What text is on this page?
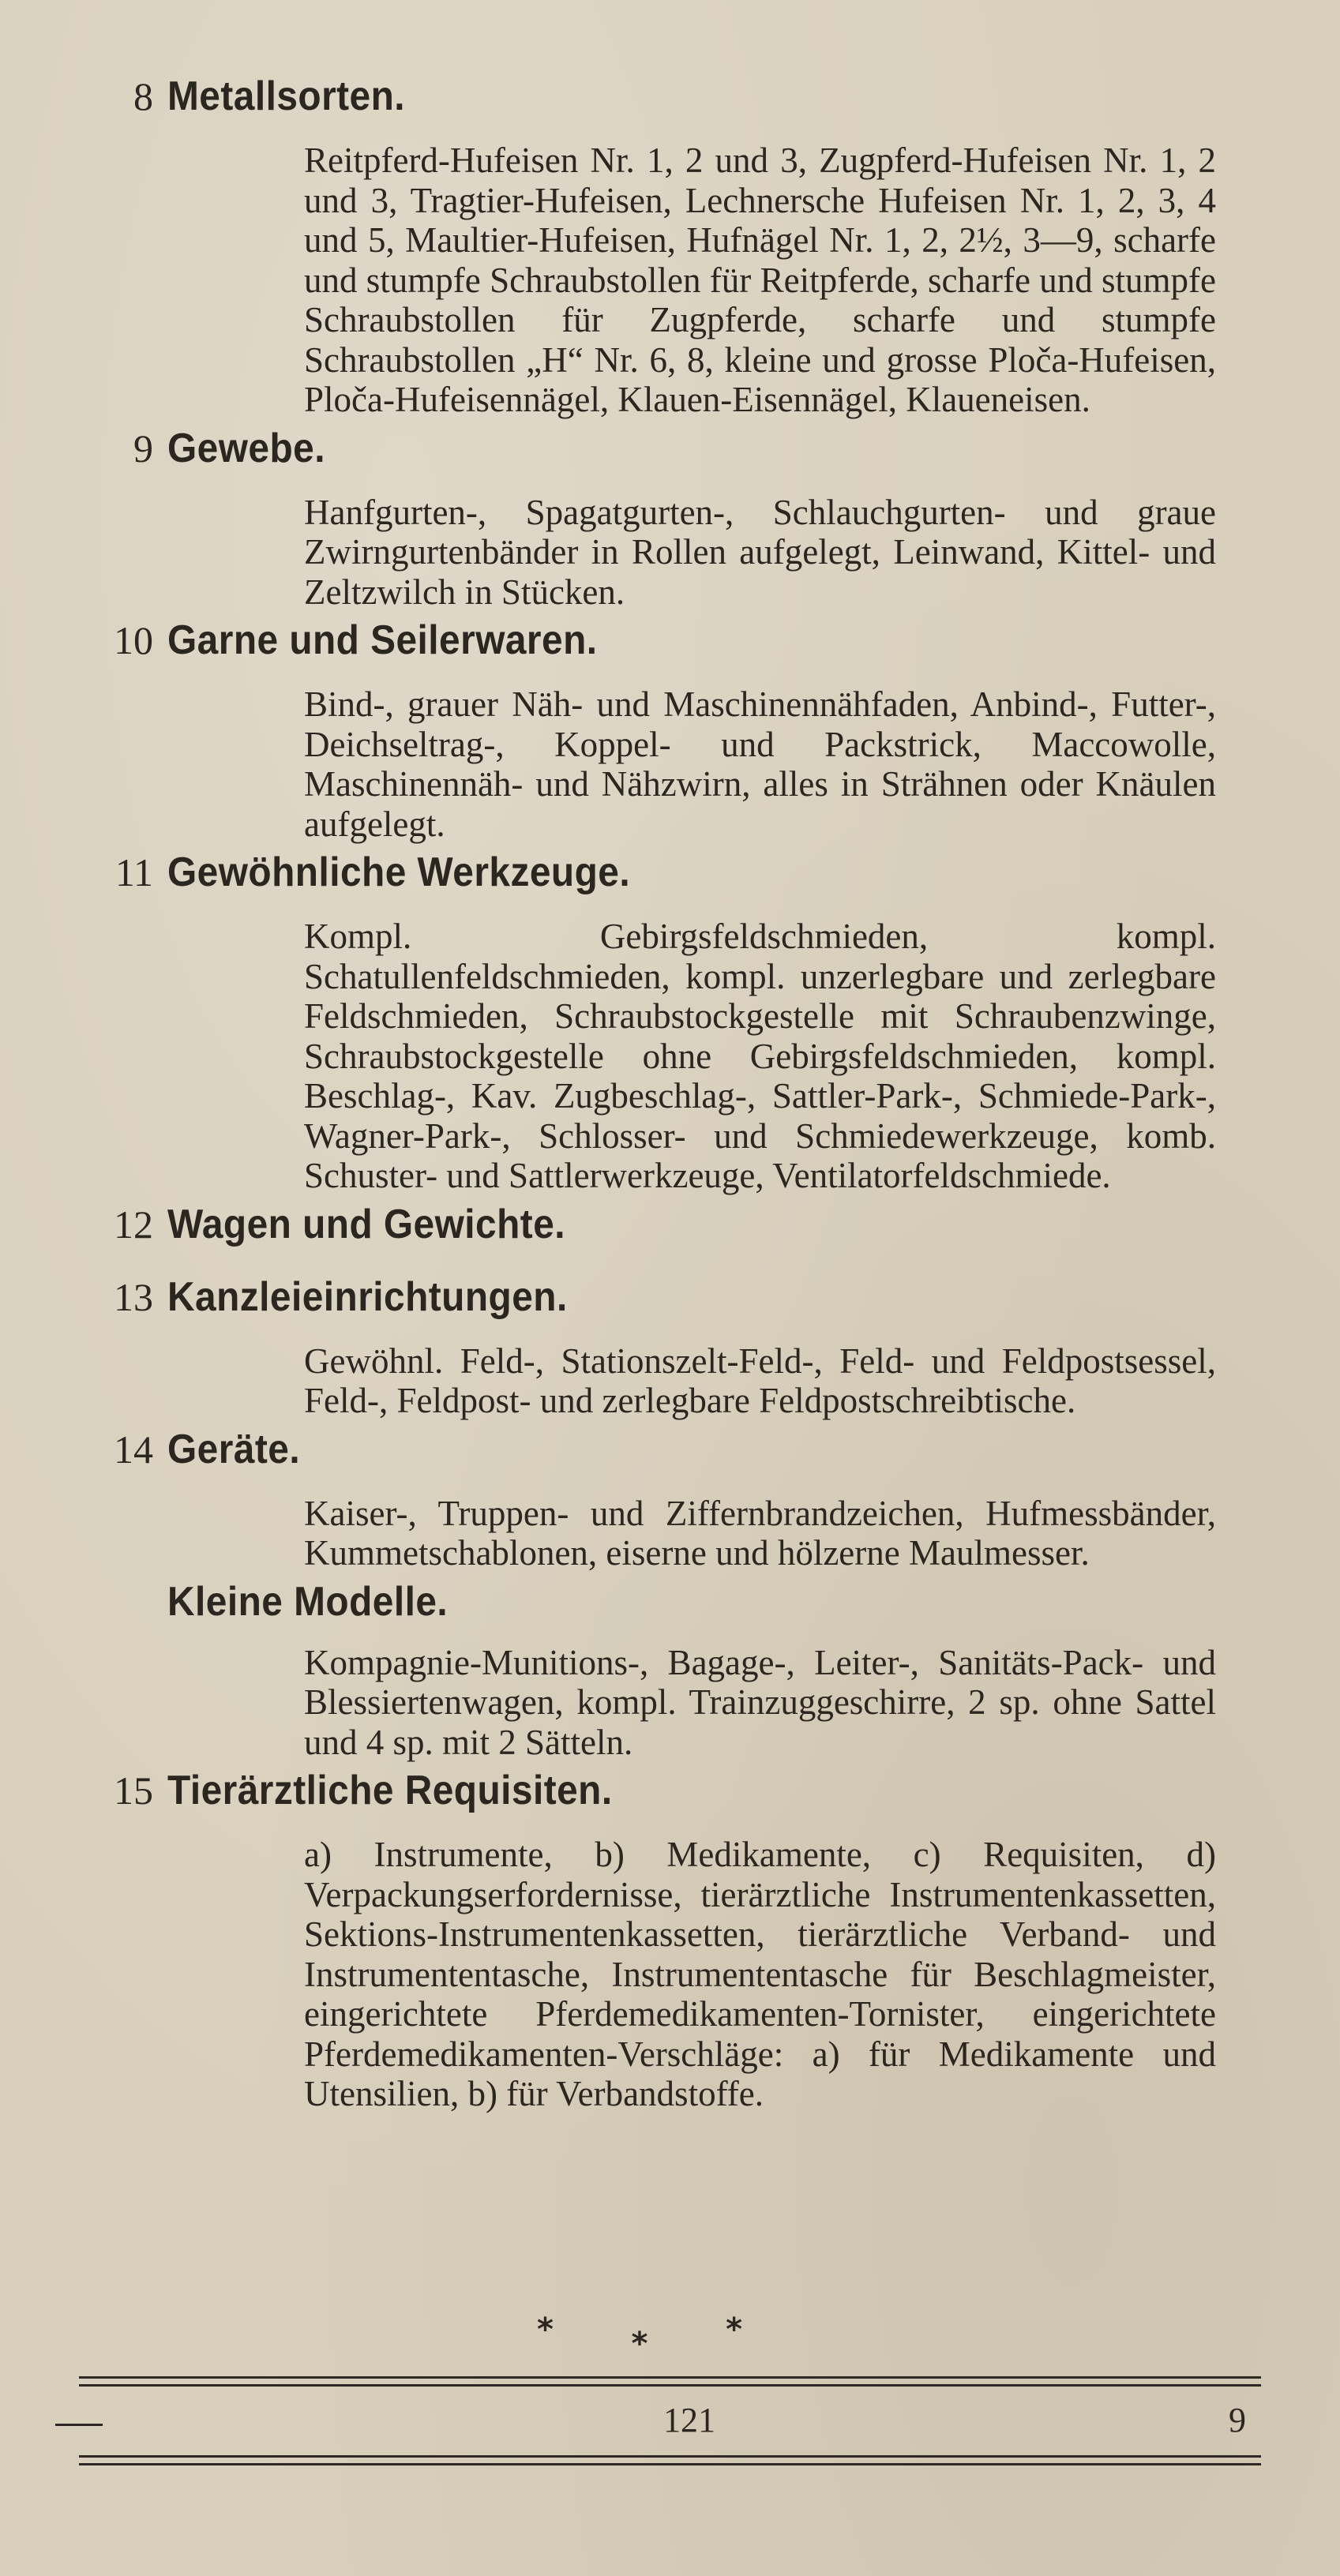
8 Metallsorten.
Reitpferd-Hufeisen Nr. 1, 2 und 3, Zugpferd-Hufeisen Nr. 1, 2 und 3, Tragtier-Hufeisen, Lechnersche Hufeisen Nr. 1, 2, 3, 4 und 5, Maultier-Hufeisen, Hufnägel Nr. 1, 2, 2½, 3—9, scharfe und stumpfe Schraubstollen für Reitpferde, scharfe und stumpfe Schraubstollen für Zugpferde, scharfe und stumpfe Schraubstollen „H“ Nr. 6, 8, kleine und grosse Ploča-Hufeisen, Ploča-Hufeisennägel, Klauen-Eisennägel, Klaueneisen.
9 Gewebe.
Hanfgurten-, Spagatgurten-, Schlauchgurten- und graue Zwirngurtenbänder in Rollen aufgelegt, Leinwand, Kittel- und Zeltzwilch in Stücken.
10 Garne und Seilerwaren.
Bind-, grauer Näh- und Maschinennähfaden, Anbind-, Futter-, Deichseltrag-, Koppel- und Packstrick, Maccowolle, Maschinennäh- und Nähzwirn, alles in Strähnen oder Knäulen aufgelegt.
11 Gewöhnliche Werkzeuge.
Kompl. Gebirgsfeldschmieden, kompl. Schatullenfeldschmieden, kompl. unzerlegbare und zerlegbare Feldschmieden, Schraubstockgestelle mit Schraubenzwinge, Schraubstockgestelle ohne Gebirgsfeldschmieden, kompl. Beschlag-, Kav. Zugbeschlag-, Sattler-Park-, Schmiede-Park-, Wagner-Park-, Schlosser- und Schmiedewerkzeuge, komb. Schuster- und Sattlerwerkzeuge, Ventilatorfeldschmiede.
12 Wagen und Gewichte.
13 Kanzleieinrichtungen.
Gewöhnl. Feld-, Stationszelt-Feld-, Feld- und Feldpostsessel, Feld-, Feldpost- und zerlegbare Feldpostschreibtische.
14 Geräte.
Kaiser-, Truppen- und Ziffernbrandzeichen, Hufmessbänder, Kummetschablonen, eiserne und hölzerne Maulmesser.
Kleine Modelle.
Kompagnie-Munitions-, Bagage-, Leiter-, Sanitäts-Pack- und Blessiertenwagen, kompl. Trainzuggeschirre, 2 sp. ohne Sattel und 4 sp. mit 2 Sätteln.
15 Tierärztliche Requisiten.
a) Instrumente, b) Medikamente, c) Requisiten, d) Verpackungserfordernisse, tierärztliche Instrumentenkassetten, Sektions-Instrumentenkassetten, tierärztliche Verband- und Instrumententasche, Instrumententasche für Beschlagmeister, eingerichtete Pferdemedikamenten-Tornister, eingerichtete Pferdemedikamenten-Verschläge: a) für Medikamente und Utensilien, b) für Verbandstoffe.
* * *
121	9
